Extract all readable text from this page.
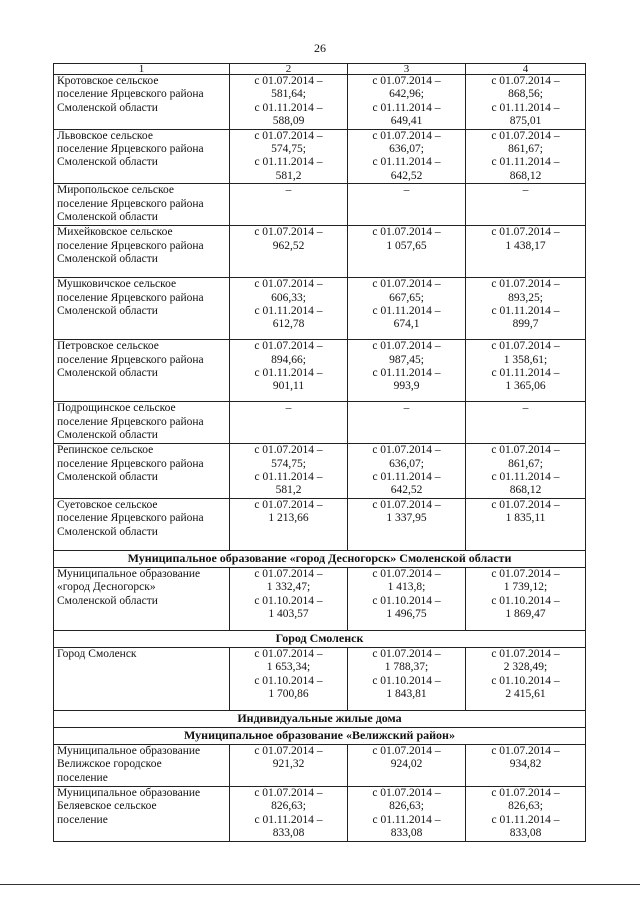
26
1	2	3	4

Кротовское сельское
поселение Ярцевского района
Смоленской области	с 01.07.2014 –
581,64;
с 01.11.2014 –
588,09	с 01.07.2014 –
642,96;
с 01.11.2014 –
649,41	с 01.07.2014 –
868,56;
с 01.11.2014 –
875,01

Львовское сельское
поселение Ярцевского района
Смоленской области	с 01.07.2014 –
574,75;
с 01.11.2014 –
581,2	с 01.07.2014 –
636,07;
с 01.11.2014 –
642,52	с 01.07.2014 –
861,67;
с 01.11.2014 –
868,12

Миропольское сельское
поселение Ярцевского района
Смоленской области	–	–	–

Михейковское сельское
поселение Ярцевского района
Смоленской области	с 01.07.2014 –
962,52	с 01.07.2014 –
1 057,65	с 01.07.2014 –
1 438,17

Мушковичское сельское
поселение Ярцевского района
Смоленской области	с 01.07.2014 –
606,33;
с 01.11.2014 –
612,78	с 01.07.2014 –
667,65;
с 01.11.2014 –
674,1	с 01.07.2014 –
893,25;
с 01.11.2014 –
899,7

Петровское сельское
поселение Ярцевского района
Смоленской области	с 01.07.2014 –
894,66;
с 01.11.2014 –
901,11	с 01.07.2014 –
987,45;
с 01.11.2014 –
993,9	с 01.07.2014 –
1 358,61;
с 01.11.2014 –
1 365,06

Подрощинское сельское
поселение Ярцевского района
Смоленской области	–	–	–

Репинское сельское
поселение Ярцевского района
Смоленской области	с 01.07.2014 –
574,75;
с 01.11.2014 –
581,2	с 01.07.2014 –
636,07;
с 01.11.2014 –
642,52	с 01.07.2014 –
861,67;
с 01.11.2014 –
868,12

Суетовское сельское
поселение Ярцевского района
Смоленской области	с 01.07.2014 –
1 213,66	с 01.07.2014 –
1 337,95	с 01.07.2014 –
1 835,11

Муниципальное образование «город Десногорск» Смоленской области			

Муниципальное образование
«город Десногорск»
Смоленской области	с 01.07.2014 –
1 332,47;
с 01.10.2014 –
1 403,57	с 01.07.2014 –
1 413,8;
с 01.10.2014 –
1 496,75	с 01.07.2014 –
1 739,12;
с 01.10.2014 –
1 869,47

Город Смоленск			

Город Смоленск	с 01.07.2014 –
1 653,34;
с 01.10.2014 –
1 700,86	с 01.07.2014 –
1 788,37;
с 01.10.2014 –
1 843,81	с 01.07.2014 –
2 328,49;
с 01.10.2014 –
2 415,61

Индивидуальные жилые дома			
Муниципальное образование «Велижский район»			

Муниципальное образование
Велижское городское
поселение	с 01.07.2014 –
921,32	с 01.07.2014 –
924,02	с 01.07.2014 –
934,82

Муниципальное образование
Беляевское сельское
поселение	с 01.07.2014 –
826,63;
с 01.11.2014 –
833,08	с 01.07.2014 –
826,63;
с 01.11.2014 –
833,08	с 01.07.2014 –
826,63;
с 01.11.2014 –
833,08
